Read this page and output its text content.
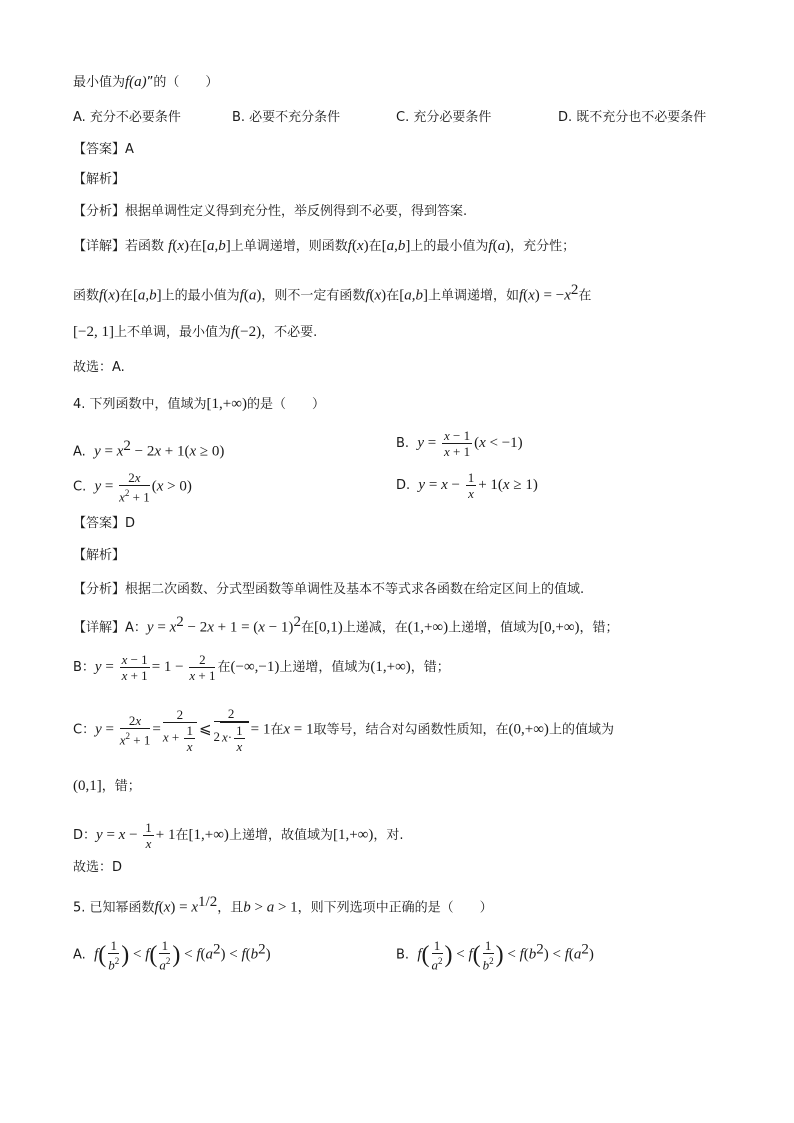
最小值为f(a)”的（　　）
A. 充分不必要条件	B. 必要不充分条件	C. 充分必要条件	D. 既不充分也不必要条件
【答案】A
【解析】
【分析】根据单调性定义得到充分性，举反例得到不必要，得到答案.
【详解】若函数 f(x)在[a,b]上单调递增，则函数f(x)在[a,b]上的最小值为f(a)，充分性；
函数f(x)在[a,b]上的最小值为f(a)，则不一定有函数f(x)在[a,b]上单调递增，如$f(x) = -x^2$在
[−2, 1]上不单调，最小值为f(−2)，不必要.
故选：A.
4. 下列函数中，值域为[1,+∞)的是（　　）
A. $y = x^2 - 2x + 1(x \ge 0)$	B. $y = \frac{x - 1}{x + 1} (x < -1)$
C. $y = \frac{2x}{x^2 + 1} (x > 0)$	D. $y = x - \frac{1}{x} + 1(x \ge 1)$
【答案】D
【解析】
【分析】根据二次函数、分式型函数等单调性及基本不等式求各函数在给定区间上的值域.
【详解】A：$y = x^2 - 2x + 1 = (x - 1)^2$在[0,1)上递减，在(1,+∞)上递增，值域为[0,+∞)，错；
B：$y = \frac{x - 1}{x + 1} = 1 - \frac{2}{x + 1}$ 在(−∞,−1)上递增，值域为(1,+∞)，错；
C：$y = \frac{2x}{x^2 + 1} = \frac{2}{x + \frac{1}{x}}$ ⩽ $\frac{2}{2 x\cdot \frac{1}{x}} = 1$在x = 1取等号，结合对勾函数性质知，在(0,+∞)上的值域为
(0,1]，错；
D：$y = x - \frac{1}{x} + 1$在[1,+∞)上递增，故值域为[1,+∞)，对.
故选：D
5. 已知幂函数$f(x) = x^{1/2}$，且b > a > 1，则下列选项中正确的是（　　）
A. $f( \frac{1}{b^2}$ ) < $f( \frac{1}{a^2}$ ) < $f(a^2) < f(b^2)$	B. $f( \frac{1}{a^2}$ ) < $f( \frac{1}{b^2}$ ) < $f(b^2) < f(a^2)$
